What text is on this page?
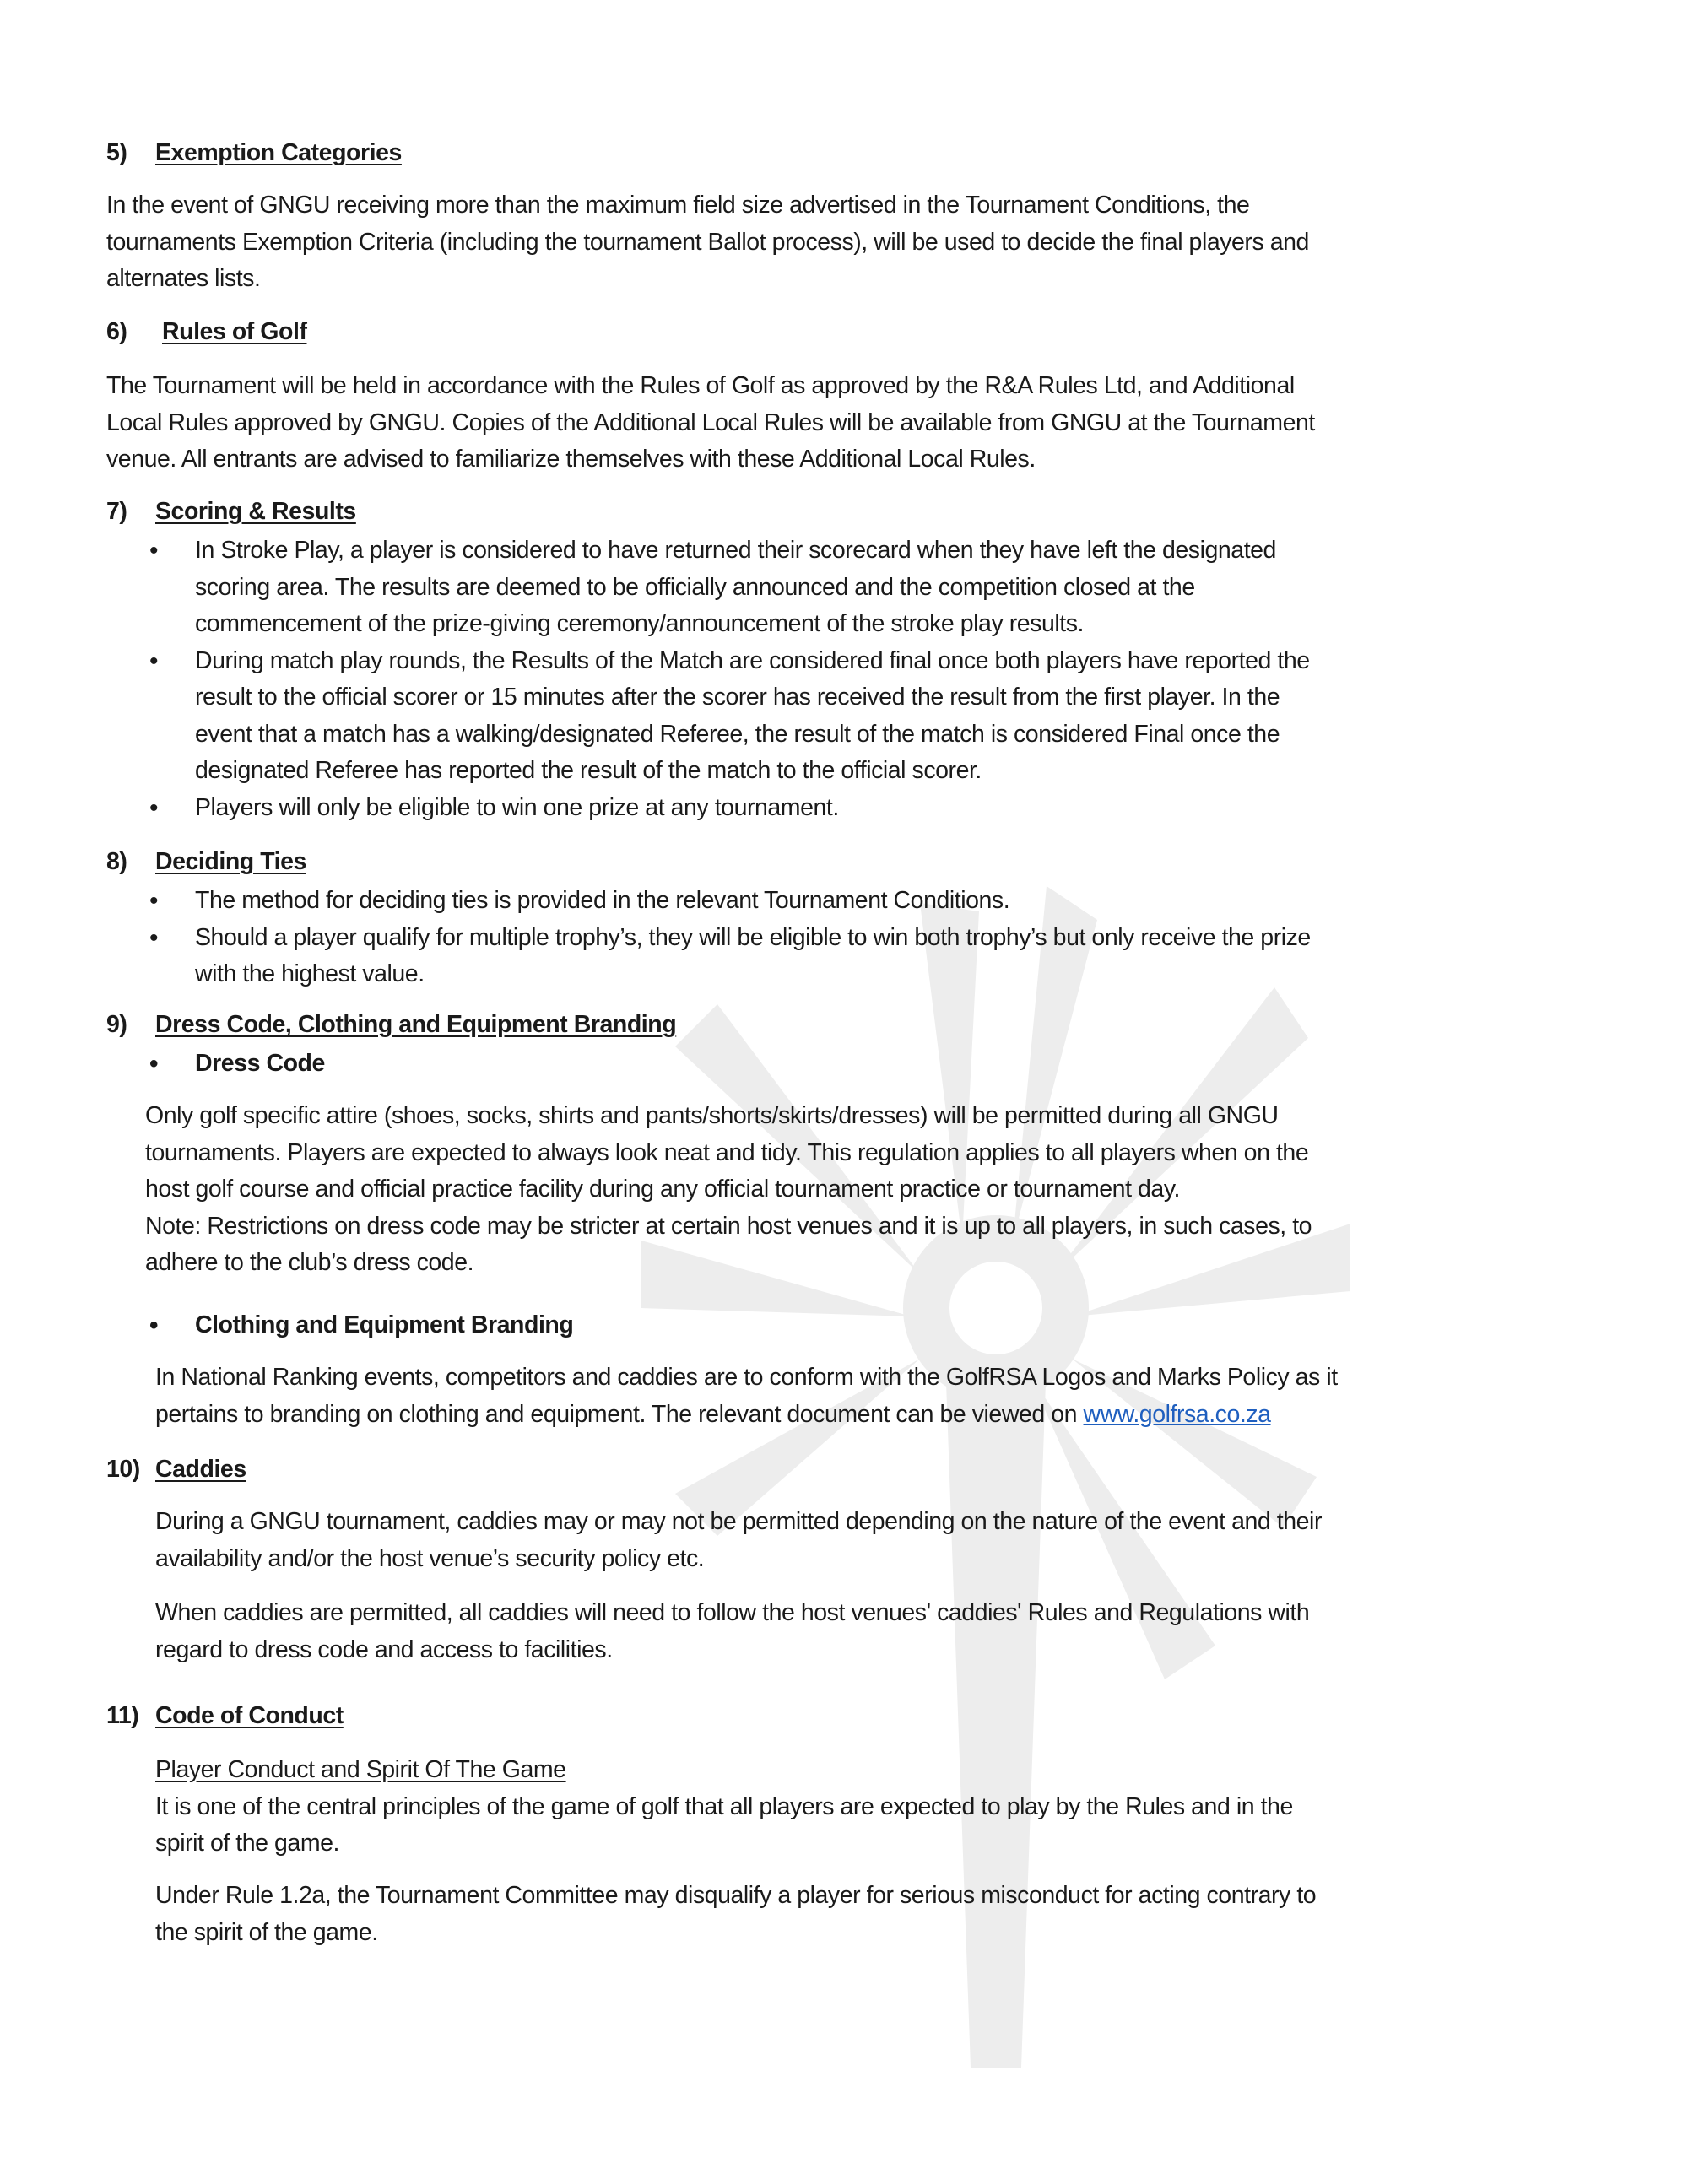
5) Exemption Categories
In the event of GNGU receiving more than the maximum field size advertised in the Tournament Conditions, the
tournaments Exemption Criteria (including the tournament Ballot process), will be used to decide the final players and
alternates lists.
6) Rules of Golf
The Tournament will be held in accordance with the Rules of Golf as approved by the R&A Rules Ltd, and Additional
Local Rules approved by GNGU. Copies of the Additional Local Rules will be available from GNGU at the Tournament
venue. All entrants are advised to familiarize themselves with these Additional Local Rules.
7) Scoring & Results
• In Stroke Play, a player is considered to have returned their scorecard when they have left the designated
scoring area. The results are deemed to be officially announced and the competition closed at the
commencement of the prize-giving ceremony/announcement of the stroke play results.
• During match play rounds, the Results of the Match are considered final once both players have reported the
result to the official scorer or 15 minutes after the scorer has received the result from the first player. In the
event that a match has a walking/designated Referee, the result of the match is considered Final once the
designated Referee has reported the result of the match to the official scorer.
• Players will only be eligible to win one prize at any tournament.
8) Deciding Ties
• The method for deciding ties is provided in the relevant Tournament Conditions.
• Should a player qualify for multiple trophy’s, they will be eligible to win both trophy’s but only receive the prize
with the highest value.
9) Dress Code, Clothing and Equipment Branding
• Dress Code
Only golf specific attire (shoes, socks, shirts and pants/shorts/skirts/dresses) will be permitted during all GNGU
tournaments. Players are expected to always look neat and tidy. This regulation applies to all players when on the
host golf course and official practice facility during any official tournament practice or tournament day.
Note: Restrictions on dress code may be stricter at certain host venues and it is up to all players, in such cases, to
adhere to the club’s dress code.
• Clothing and Equipment Branding
In National Ranking events, competitors and caddies are to conform with the GolfRSA Logos and Marks Policy as it
pertains to branding on clothing and equipment. The relevant document can be viewed on www.golfrsa.co.za
10) Caddies
During a GNGU tournament, caddies may or may not be permitted depending on the nature of the event and their
availability and/or the host venue’s security policy etc.
When caddies are permitted, all caddies will need to follow the host venues' caddies' Rules and Regulations with
regard to dress code and access to facilities.
11) Code of Conduct
Player Conduct and Spirit Of The Game
It is one of the central principles of the game of golf that all players are expected to play by the Rules and in the
spirit of the game.
Under Rule 1.2a, the Tournament Committee may disqualify a player for serious misconduct for acting contrary to
the spirit of the game.
